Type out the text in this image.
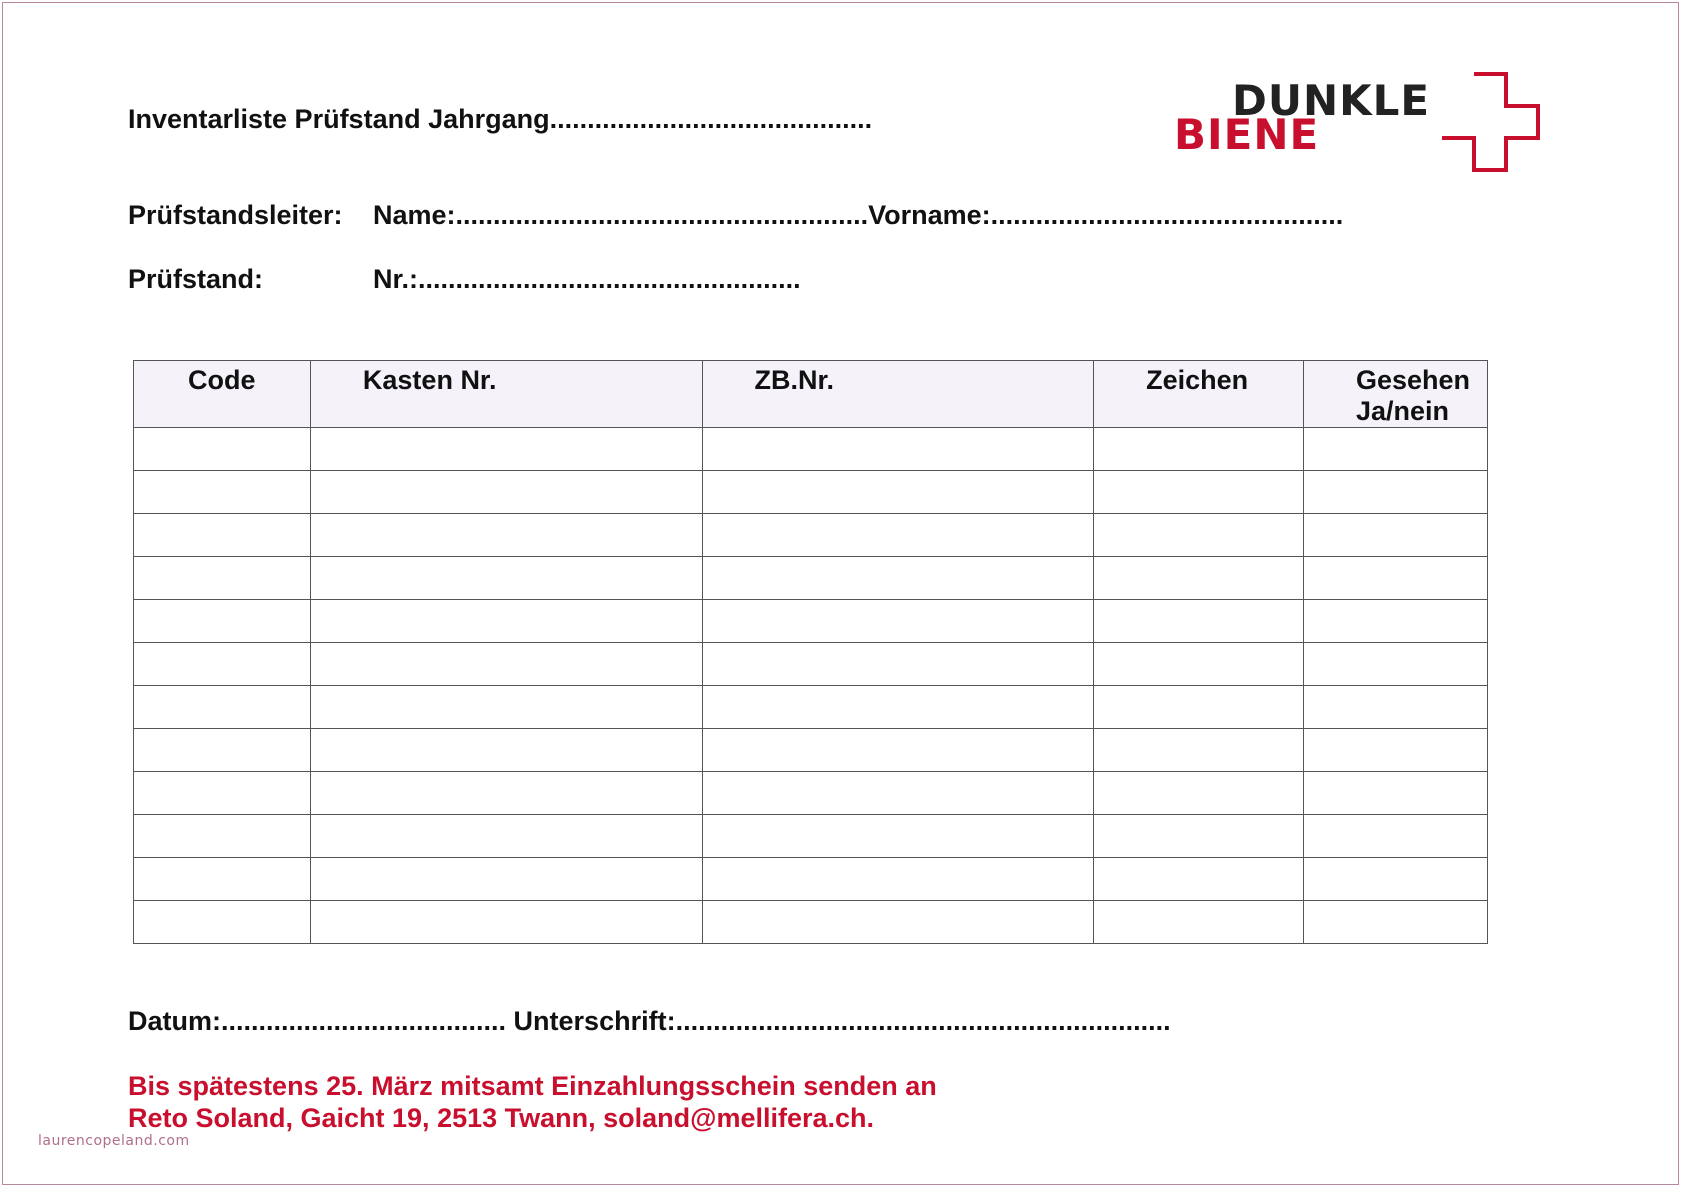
Inventarliste Prüfstand Jahrgang...........................................	DUNKLE
BIENE
Prüfstandsleiter: Name:.......................................................Vorname:...............................................
Prüfstand:	Nr.:...................................................
Code	Kasten Nr.	ZB.Nr.	Zeichen	Gesehen
Ja/nein

Datum:...................................... Unterschrift:..................................................................
Bis spätestens 25. März mitsamt Einzahlungsschein senden an
Reto Soland, Gaicht 19, 2513 Twann, soland@mellifera.ch.
laurencopeland.com
